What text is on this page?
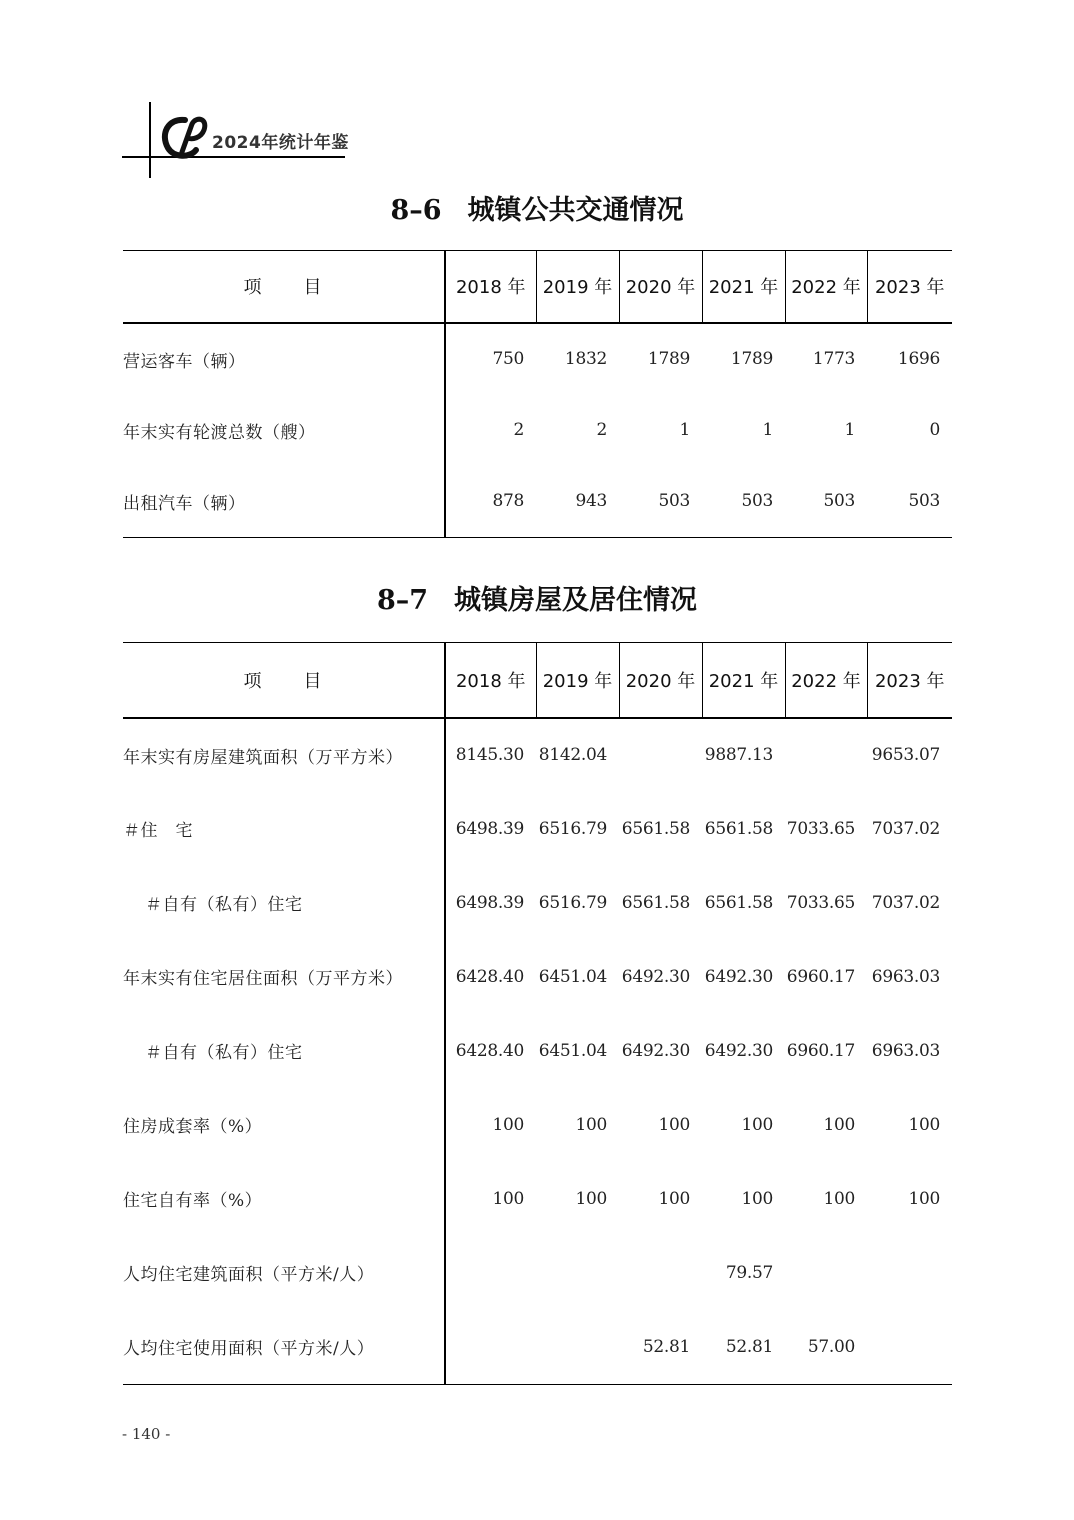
2024年统计年鉴
8–6 城镇公共交通情况
项 目	2018 年	2019 年	2020 年	2021 年	2022 年	2023 年
营运客车（辆）	750	1832	1789	1789	1773	1696
年末实有轮渡总数（艘）	2	2	1	1	1	0
出租汽车（辆）	878	943	503	503	503	503
8–7 城镇房屋及居住情况
项 目	2018 年	2019 年	2020 年	2021 年	2022 年	2023 年
年末实有房屋建筑面积（万平方米）	8145.30	8142.04		9887.13		9653.07
＃住　宅	6498.39	6516.79	6561.58	6561.58	7033.65	7037.02
＃自有（私有）住宅	6498.39	6516.79	6561.58	6561.58	7033.65	7037.02
年末实有住宅居住面积（万平方米）	6428.40	6451.04	6492.30	6492.30	6960.17	6963.03
＃自有（私有）住宅	6428.40	6451.04	6492.30	6492.30	6960.17	6963.03
住房成套率（%）	100	100	100	100	100	100
住宅自有率（%）	100	100	100	100	100	100
人均住宅建筑面积（平方米/人）				79.57		
人均住宅使用面积（平方米/人）			52.81	52.81	57.00	
- 140 -
